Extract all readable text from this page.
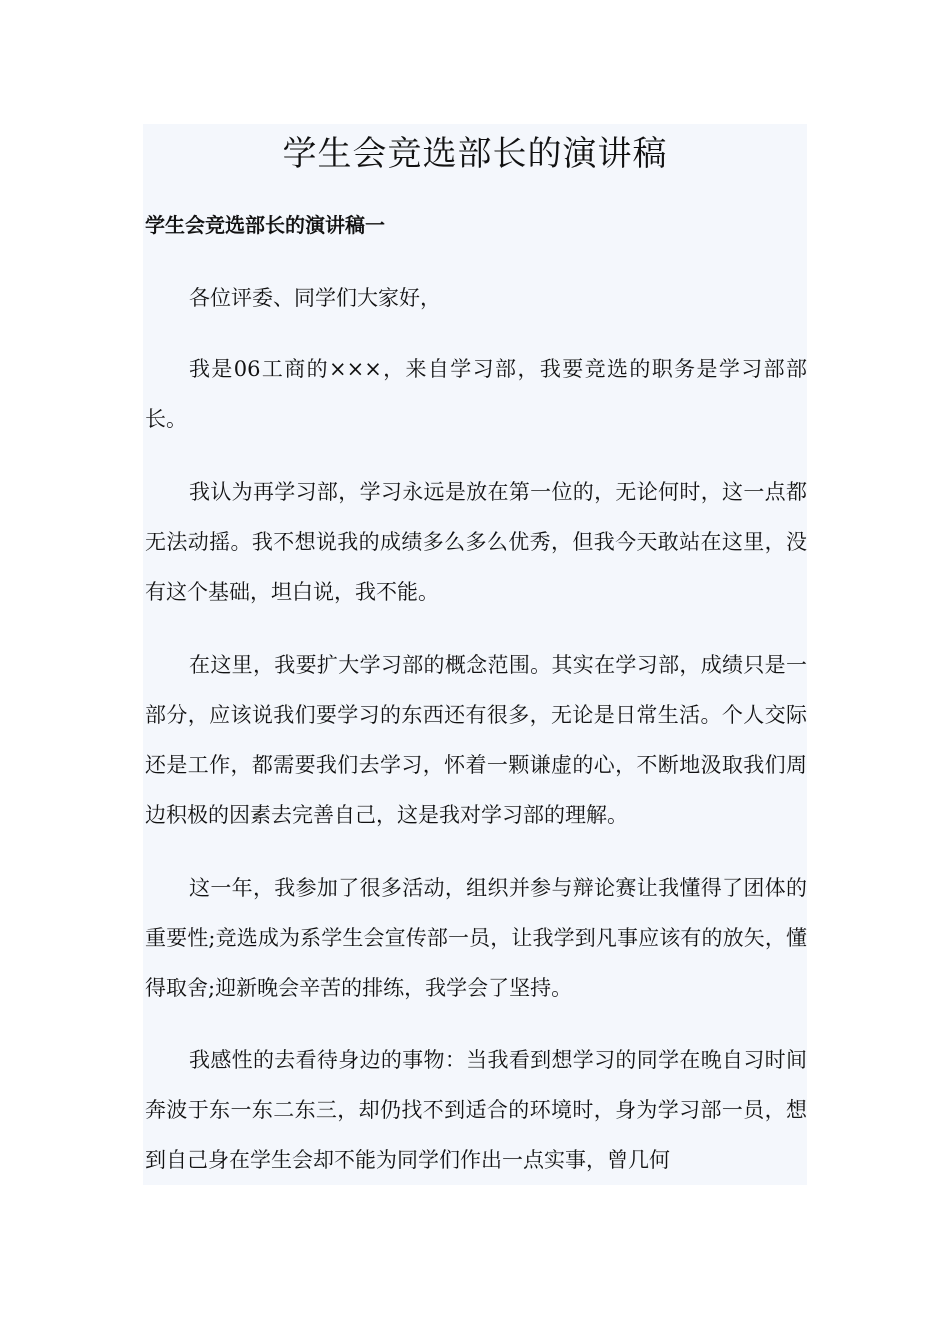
学生会竞选部长的演讲稿
学生会竞选部长的演讲稿一

各位评委、同学们大家好，

我是06工商的×××，来自学习部，我要竞选的职务是学习部部长。

我认为再学习部，学习永远是放在第一位的，无论何时，这一点都无法动摇。我不想说我的成绩多么多么优秀，但我今天敢站在这里，没有这个基础，坦白说，我不能。

在这里，我要扩大学习部的概念范围。其实在学习部，成绩只是一部分，应该说我们要学习的东西还有很多，无论是日常生活。个人交际还是工作，都需要我们去学习，怀着一颗谦虚的心，不断地汲取我们周边积极的因素去完善自己，这是我对学习部的理解。

这一年，我参加了很多活动，组织并参与辩论赛让我懂得了团体的重要性;竞选成为系学生会宣传部一员，让我学到凡事应该有的放矢，懂得取舍;迎新晚会辛苦的排练，我学会了坚持。

我感性的去看待身边的事物：当我看到想学习的同学在晚自习时间奔波于东一东二东三，却仍找不到适合的环境时，身为学习部一员，想到自己身在学生会却不能为同学们作出一点实事，曾几何
